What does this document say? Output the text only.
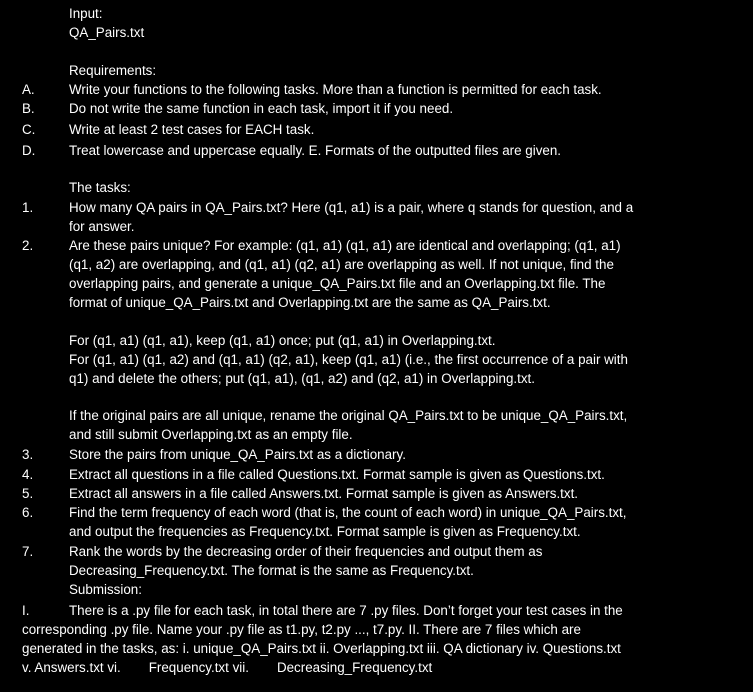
Input:
QA_Pairs.txt
Requirements:
A.	Write your functions to the following tasks. More than a function is permitted for each task.
B.	Do not write the same function in each task, import it if you need.
C.	Write at least 2 test cases for EACH task.
D.	Treat lowercase and uppercase equally. E. Formats of the outputted files are given.
The tasks:
1.	How many QA pairs in QA_Pairs.txt? Here (q1, a1) is a pair, where q stands for question, and a
for answer.
2.	Are these pairs unique? For example: (q1, a1) (q1, a1) are identical and overlapping; (q1, a1)
(q1, a2) are overlapping, and (q1, a1) (q2, a1) are overlapping as well. If not unique, find the
overlapping pairs, and generate a unique_QA_Pairs.txt file and an Overlapping.txt file. The
format of unique_QA_Pairs.txt and Overlapping.txt are the same as QA_Pairs.txt.
For (q1, a1) (q1, a1), keep (q1, a1) once; put (q1, a1) in Overlapping.txt.
For (q1, a1) (q1, a2) and (q1, a1) (q2, a1), keep (q1, a1) (i.e., the first occurrence of a pair with
q1) and delete the others; put (q1, a1), (q1, a2) and (q2, a1) in Overlapping.txt.
If the original pairs are all unique, rename the original QA_Pairs.txt to be unique_QA_Pairs.txt,
and still submit Overlapping.txt as an empty file.
3.	Store the pairs from unique_QA_Pairs.txt as a dictionary.
4.	Extract all questions in a file called Questions.txt. Format sample is given as Questions.txt.
5.	Extract all answers in a file called Answers.txt. Format sample is given as Answers.txt.
6.	Find the term frequency of each word (that is, the count of each word) in unique_QA_Pairs.txt,
and output the frequencies as Frequency.txt. Format sample is given as Frequency.txt.
7.	Rank the words by the decreasing order of their frequencies and output them as
Decreasing_Frequency.txt. The format is the same as Frequency.txt.
Submission:
I.	There is a .py file for each task, in total there are 7 .py files. Don’t forget your test cases in the
corresponding .py file. Name your .py file as t1.py, t2.py ..., t7.py. II. There are 7 files which are
generated in the tasks, as: i. unique_QA_Pairs.txt ii. Overlapping.txt iii. QA dictionary iv. Questions.txt
v. Answers.txt vi. Frequency.txt vii. Decreasing_Frequency.txt
